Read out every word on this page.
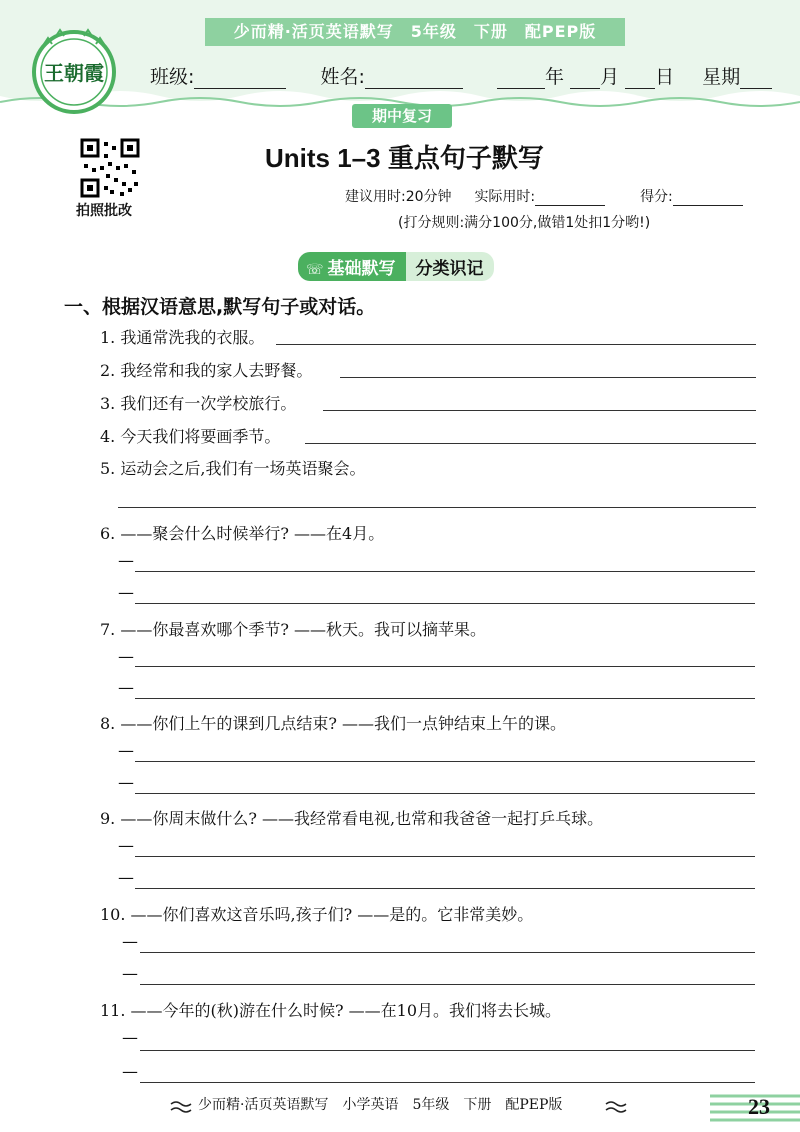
少而精·活页英语默写　5年级　下册　配PEP版
王朝霞 班级:	姓名:	年 月 日 星期
期中复习
拍照批改
Units 1–3 重点句子默写
建议用时:20分钟 实际用时:	得分:
(打分规则:满分100分,做错1处扣1分哟!)
☏ 基础默写 分类识记
一、根据汉语意思,默写句子或对话。
1. 我通常洗我的衣服。
2. 我经常和我的家人去野餐。
3. 我们还有一次学校旅行。
4. 今天我们将要画季节。
5. 运动会之后,我们有一场英语聚会。
6. ——聚会什么时候举行? ——在4月。
—
—
7. ——你最喜欢哪个季节? ——秋天。我可以摘苹果。
—
—
8. ——你们上午的课到几点结束? ——我们一点钟结束上午的课。
—
—
9. ——你周末做什么? ——我经常看电视,也常和我爸爸一起打乒乓球。
—
—
10. ——你们喜欢这音乐吗,孩子们? ——是的。它非常美妙。
—
—
11. ——今年的(秋)游在什么时候? ——在10月。我们将去长城。
—
—
少而精·活页英语默写　小学英语　5年级　下册　配PEP版	23
